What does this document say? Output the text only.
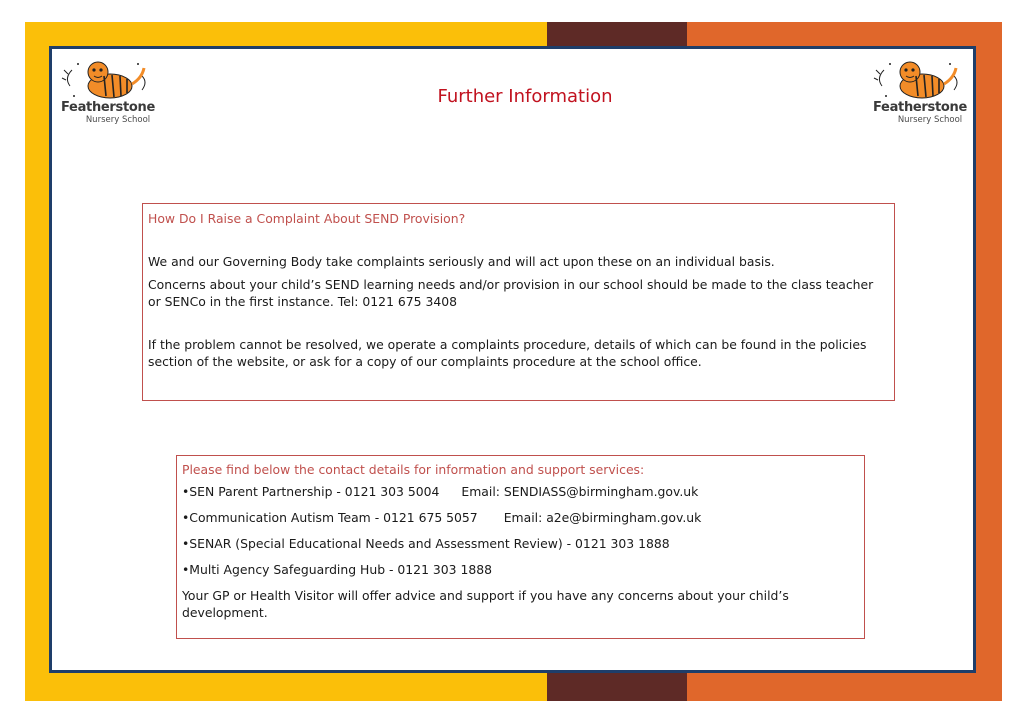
Featherstone
Nursery School
Featherstone
Nursery School
Further Information

How Do I Raise a Complaint About SEND Provision?

We and our Governing Body take complaints seriously and will act upon these on an individual basis.

Concerns about your child’s SEND learning needs and/or provision in our school should be made to the class teacher or SENCo in the first instance. Tel: 0121 675 3408

If the problem cannot be resolved, we operate a complaints procedure, details of which can be found in the policies section of the website, or ask for a copy of our complaints procedure at the school office.

Please find below the contact details for information and support services:

•SEN Parent Partnership - 0121 303 5004 Email: SENDIASS@birmingham.gov.uk

•Communication Autism Team - 0121 675 5057 Email: a2e@birmingham.gov.uk

•SENAR (Special Educational Needs and Assessment Review) - 0121 303 1888

•Multi Agency Safeguarding Hub - 0121 303 1888

Your GP or Health Visitor will offer advice and support if you have any concerns about your child’s development.
